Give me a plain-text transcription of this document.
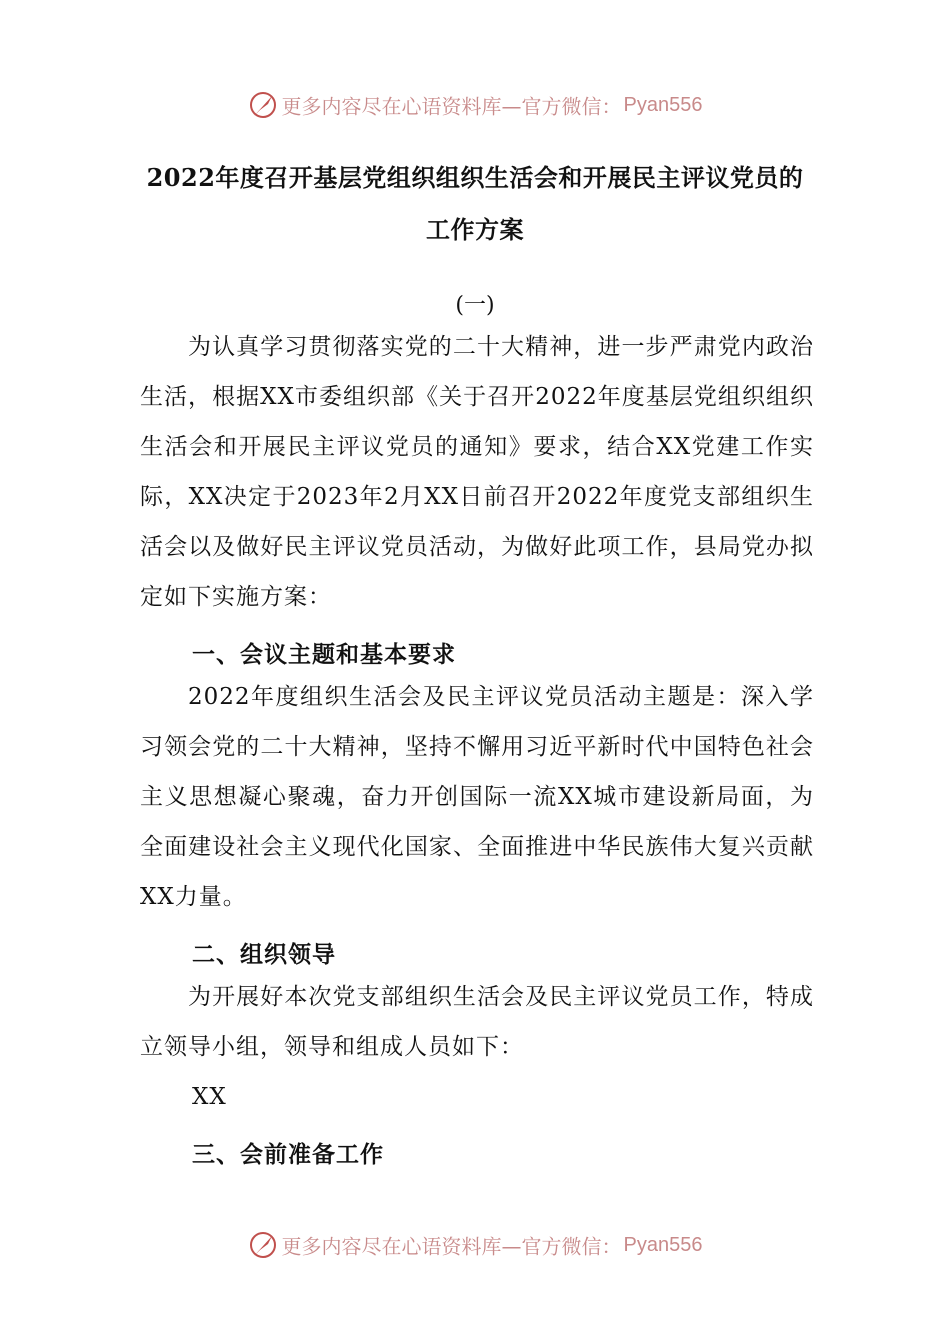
更多内容尽在心语资料库—官方微信： Pyan556
2022年度召开基层党组织组织生活会和开展民主评议党员的
工作方案
(一)
为认真学习贯彻落实党的二十大精神，进一步严肃党内政治生活，根据XX市委组织部《关于召开2022年度基层党组织组织生活会和开展民主评议党员的通知》要求，结合XX党建工作实际，XX决定于2023年2月XX日前召开2022年度党支部组织生活会以及做好民主评议党员活动，为做好此项工作，县局党办拟定如下实施方案：
一、会议主题和基本要求
2022年度组织生活会及民主评议党员活动主题是：深入学习领会党的二十大精神，坚持不懈用习近平新时代中国特色社会主义思想凝心聚魂，奋力开创国际一流XX城市建设新局面，为全面建设社会主义现代化国家、全面推进中华民族伟大复兴贡献XX力量。
二、组织领导
为开展好本次党支部组织生活会及民主评议党员工作，特成立领导小组，领导和组成人员如下：
XX
三、会前准备工作
更多内容尽在心语资料库—官方微信： Pyan556
